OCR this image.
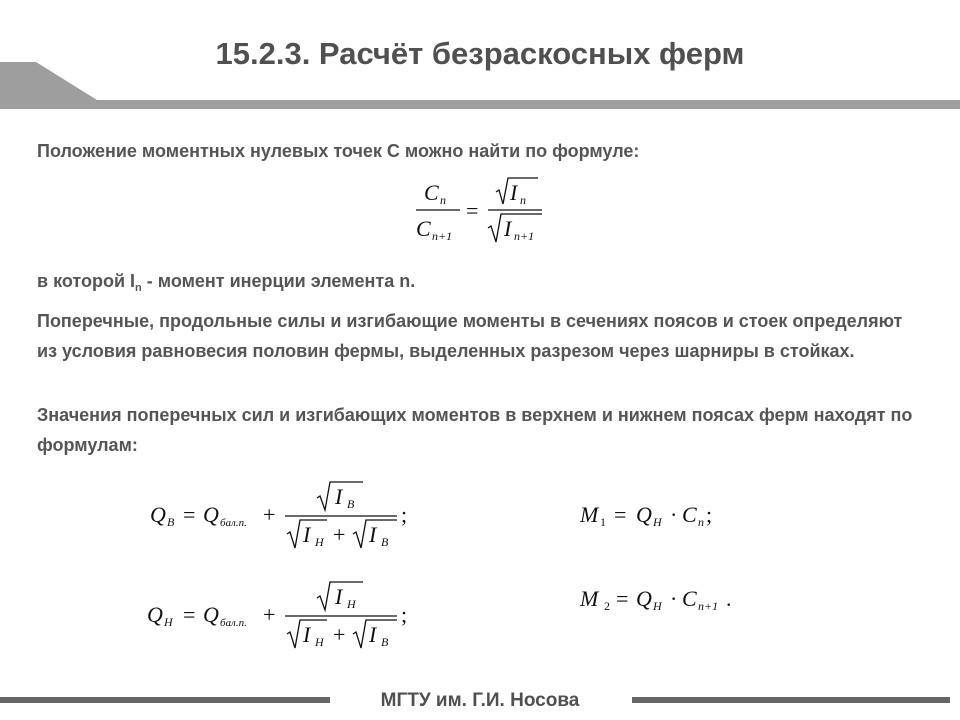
15.2.3. Расчёт безраскосных ферм
Положение моментных нулевых точек С можно найти по формуле:
C n
C n+1
=
I n
I n+1
в которой $I_n$ - момент инерции элемента n.
Поперечные, продольные силы и изгибающие моменты в сечениях поясов и стоек определяют из условия равновесия половин фермы, выделенных разрезом через шарниры в стойках.
Значения поперечных сил и изгибающих моментов в верхнем и нижнем поясах ферм находят по формулам:
Q В = Q бал.п. +
I В
I Н + I В
;
Q Н = Q бал.п. +
I Н
I Н + I В
;
M 1 = Q Н · C n ;
M 2 = Q Н · C n+1 .
МГТУ им. Г.И. Носова
